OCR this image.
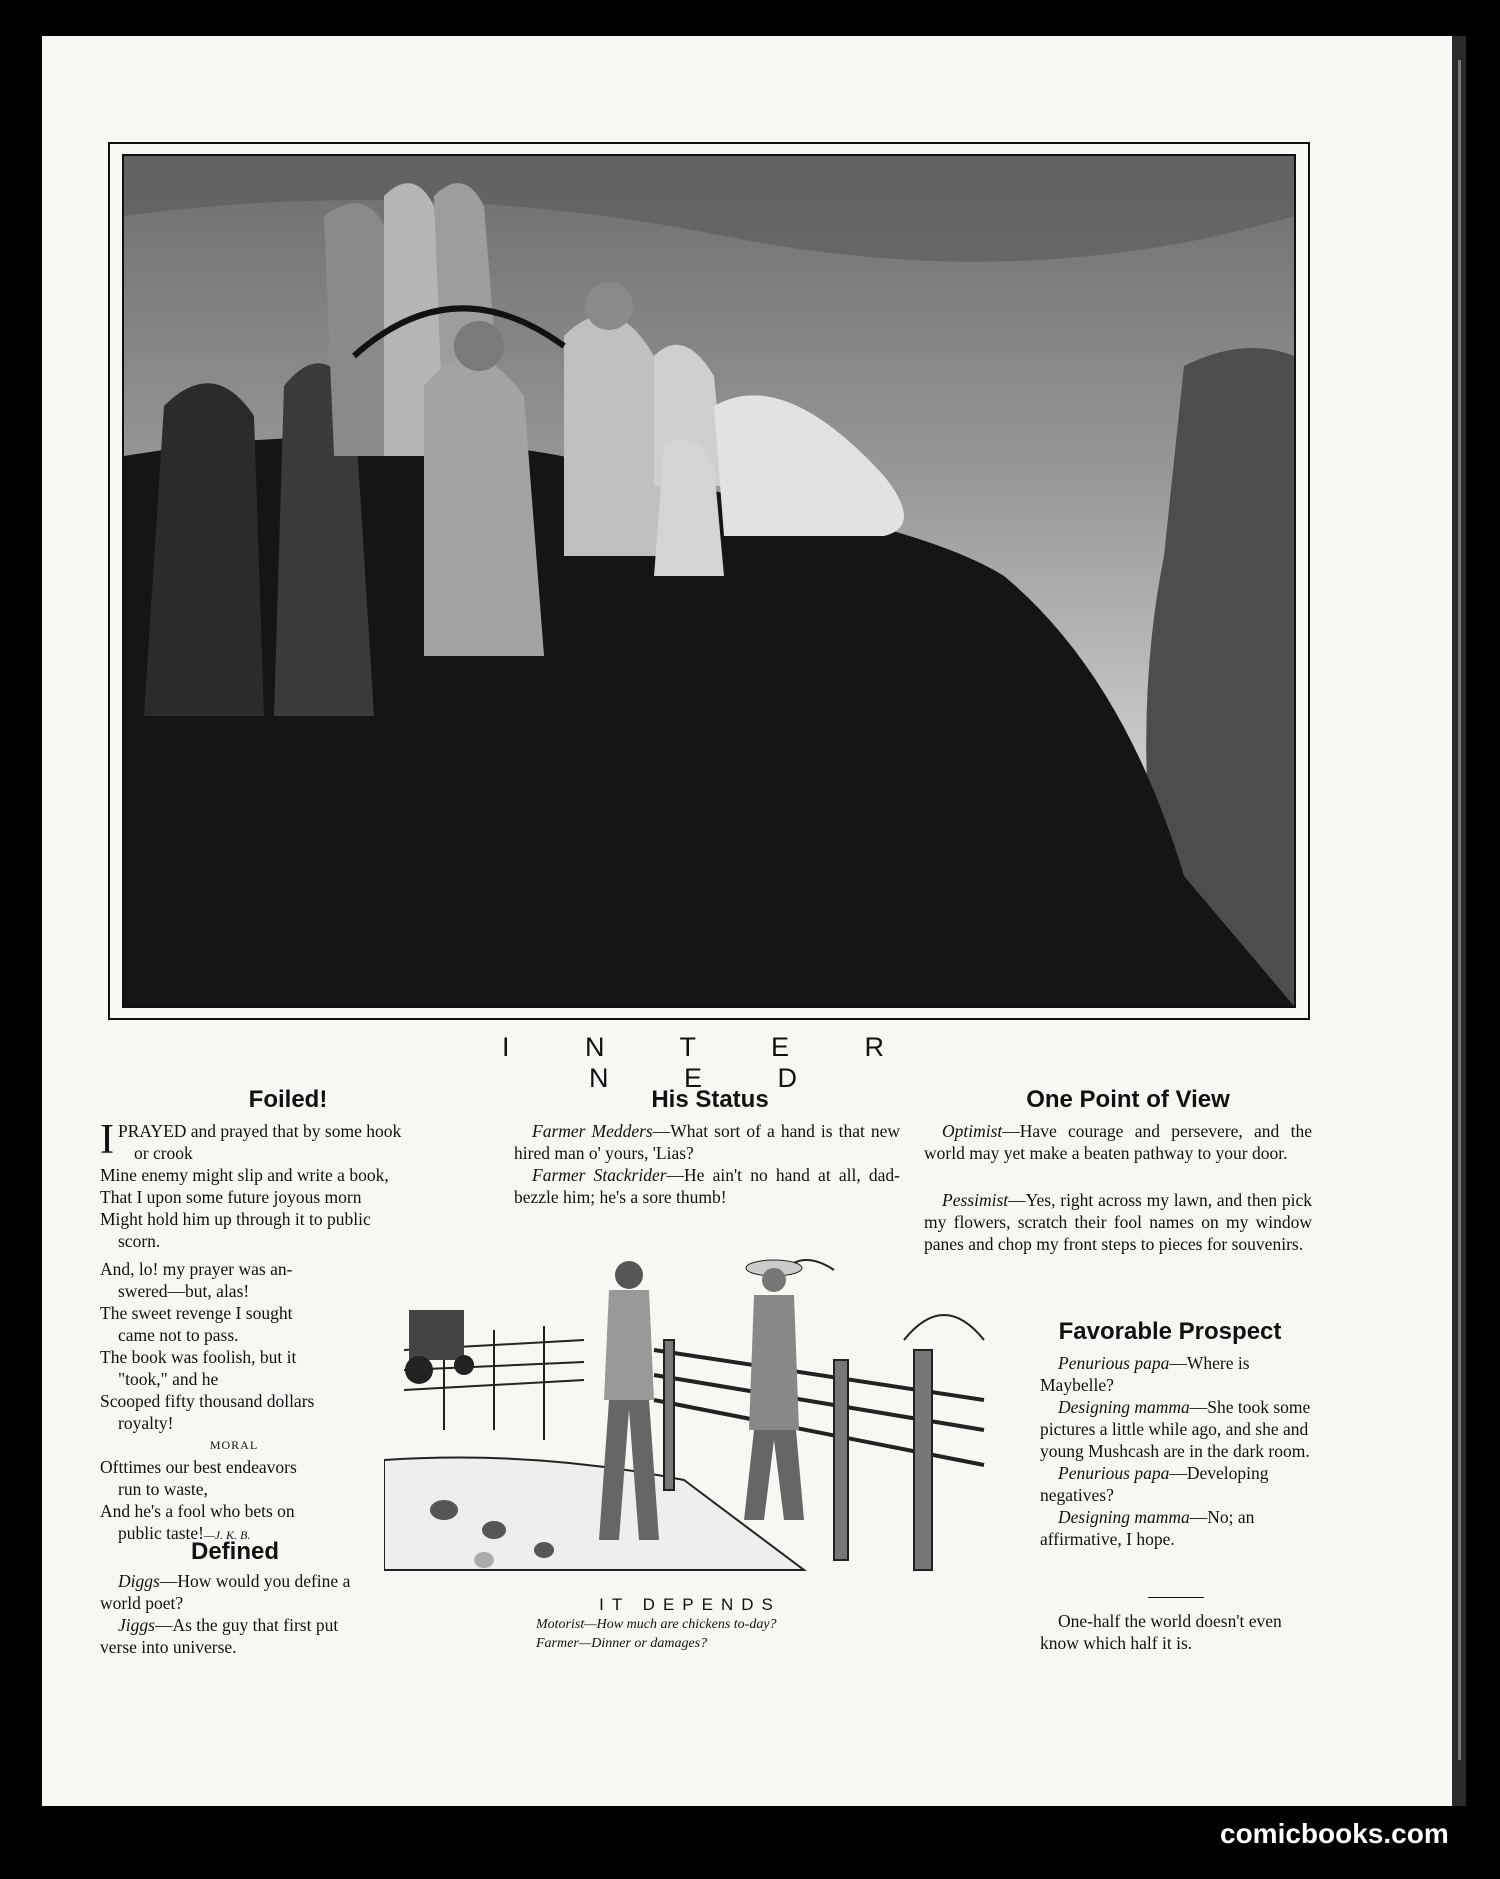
I N T E R N E D
Foiled!

IPRAYED and prayed that by some hook

or crook

Mine enemy might slip and write a book,

That I upon some future joyous morn

Might hold him up through it to public

scorn.

And, lo! my prayer was an-

swered—but, alas!

The sweet revenge I sought

came not to pass.

The book was foolish, but it

"took," and he

Scooped fifty thousand dollars

royalty!

MORAL

Ofttimes our best endeavors

run to waste,

And he's a fool who bets on

public taste!—J. K. B.

Defined

Diggs—How would you define a world poet?

Jiggs—As the guy that first put verse into universe.

His Status

Farmer Medders—What sort of a hand is that new hired man o' yours, 'Lias?

Farmer Stackrider—He ain't no hand at all, dad-bezzle him; he's a sore thumb!

IT DEPENDS
Motorist—How much are chickens to-day?
Farmer—Dinner or damages?
One Point of View

Optimist—Have courage and persevere, and the world may yet make a beaten pathway to your door.

Pessimist—Yes, right across my lawn, and then pick my flowers, scratch their fool names on my window panes and chop my front steps to pieces for souvenirs.

Favorable Prospect

Penurious papa—Where is Maybelle?

Designing mamma—She took some pictures a little while ago, and she and young Mushcash are in the dark room.

Penurious papa—Developing negatives?

Designing mamma—No; an affirmative, I hope.

One-half the world doesn't even know which half it is.

comicbooks.com
